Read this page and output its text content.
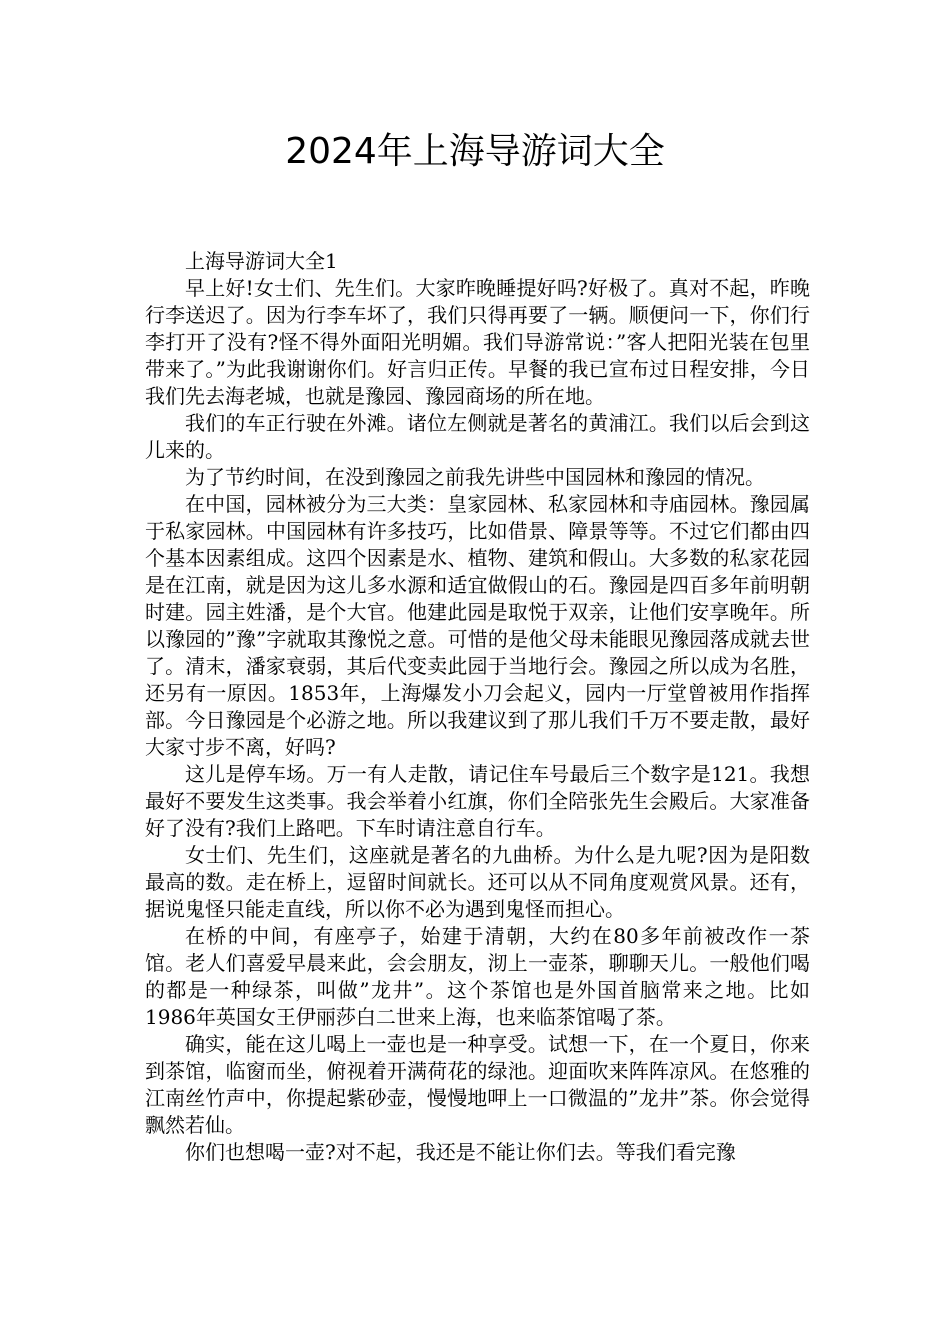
2024年上海导游词大全

上海导游词大全1

早上好!女士们、先生们。大家昨晚睡提好吗?好极了。真对不起，昨晚行李送迟了。因为行李车坏了，我们只得再要了一辆。顺便问一下，你们行李打开了没有?怪不得外面阳光明媚。我们导游常说：”客人把阳光装在包里带来了。”为此我谢谢你们。好言归正传。早餐的我已宣布过日程安排，今日我们先去海老城，也就是豫园、豫园商场的所在地。

我们的车正行驶在外滩。诸位左侧就是著名的黄浦江。我们以后会到这儿来的。

为了节约时间，在没到豫园之前我先讲些中国园林和豫园的情况。

在中国，园林被分为三大类：皇家园林、私家园林和寺庙园林。豫园属于私家园林。中国园林有许多技巧，比如借景、障景等等。不过它们都由四个基本因素组成。这四个因素是水、植物、建筑和假山。大多数的私家花园是在江南，就是因为这儿多水源和适宜做假山的石。豫园是四百多年前明朝时建。园主姓潘，是个大官。他建此园是取悦于双亲，让他们安享晚年。所以豫园的”豫”字就取其豫悦之意。可惜的是他父母未能眼见豫园落成就去世了。清末，潘家衰弱，其后代变卖此园于当地行会。豫园之所以成为名胜，还另有一原因。1853年，上海爆发小刀会起义，园内一厅堂曾被用作指挥部。今日豫园是个必游之地。所以我建议到了那儿我们千万不要走散，最好大家寸步不离，好吗?

这儿是停车场。万一有人走散，请记住车号最后三个数字是121。我想最好不要发生这类事。我会举着小红旗，你们全陪张先生会殿后。大家准备好了没有?我们上路吧。下车时请注意自行车。

女士们、先生们，这座就是著名的九曲桥。为什么是九呢?因为是阳数最高的数。走在桥上，逗留时间就长。还可以从不同角度观赏风景。还有，据说鬼怪只能走直线，所以你不必为遇到鬼怪而担心。

在桥的中间，有座亭子，始建于清朝，大约在80多年前被改作一茶馆。老人们喜爱早晨来此，会会朋友，沏上一壶茶，聊聊天儿。一般他们喝的都是一种绿茶，叫做”龙井”。这个茶馆也是外国首脑常来之地。比如1986年英国女王伊丽莎白二世来上海，也来临茶馆喝了茶。

确实，能在这儿喝上一壶也是一种享受。试想一下，在一个夏日，你来到茶馆，临窗而坐，俯视着开满荷花的绿池。迎面吹来阵阵凉风。在悠雅的江南丝竹声中，你提起紫砂壶，慢慢地呷上一口微温的”龙井”茶。你会觉得飘然若仙。

你们也想喝一壶?对不起，我还是不能让你们去。等我们看完豫
